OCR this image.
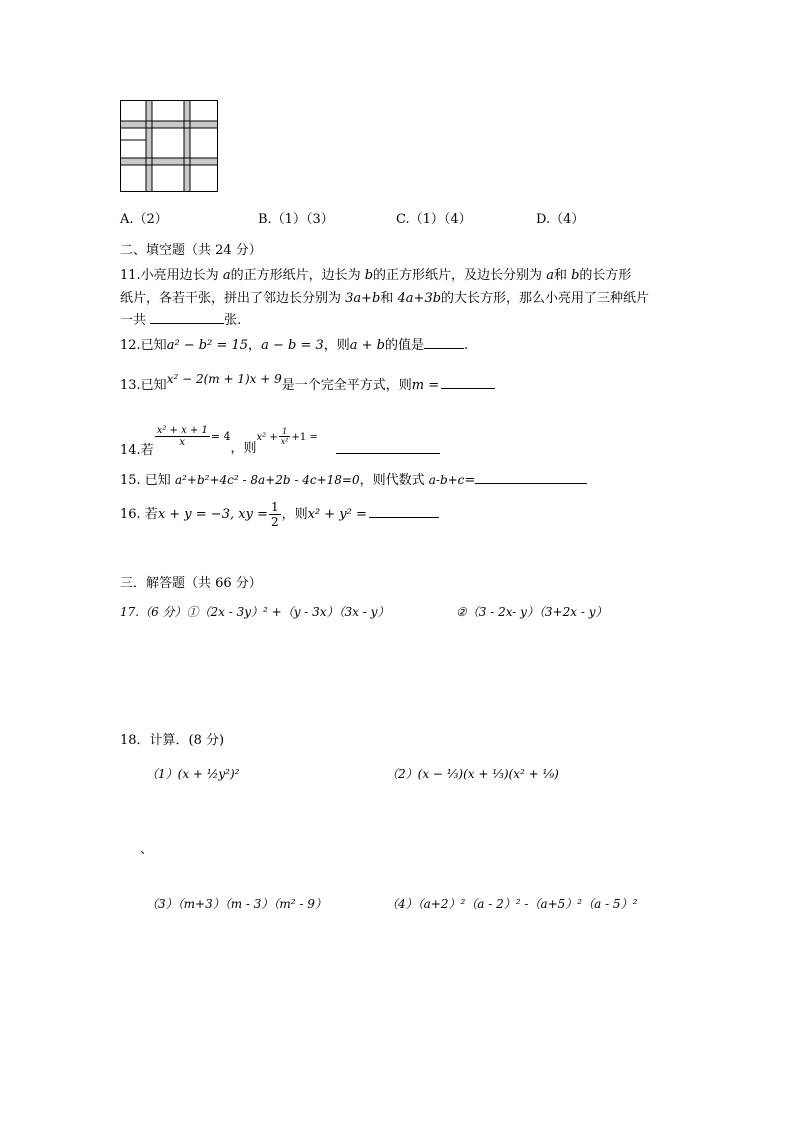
A.（2）	B.（1）（3）	C.（1）（4）	D.（4）
二、填空题（共 24 分）
11.小亮用边长为 a的正方形纸片，边长为 b的正方形纸片，及边长分别为 a和 b的长方形
纸片，各若干张，拼出了邻边长分别为 3a+b和 4a+3b的大长方形，那么小亮用了三种纸片
一共	张.
12.已知a² − b² = 15，a − b = 3，则a + b的值是	.
13.已知x² − 2(m + 1)x + 9是一个完全平方式，则m =
14.若
$\frac{\text{x² + x + 1}}{x} = 4$，则$x^2 + \frac{1}{\text{x²}} +1$ =
15. 已知 a²+b²+4c² - 8a+2b - 4c+18=0，则代数式 a-b+c=
16. 若x + y = −3, xy = $\frac{1}{2}$ ，则x² + y² =
三．解答题（共 66 分）
17.（6 分）①（2x - 3y）² +（y - 3x）（3x - y）	②（3 - 2x- y）（3+2x - y）
18．计算．(8 分)
（1）(x + ½y²)²	（2）(x − ⅓)(x + ⅓)(x² + ⅑)
、
（3）（m+3）（m - 3）（m² - 9）	（4）（a+2）²（a - 2）² -（a+5）²（a - 5）²
